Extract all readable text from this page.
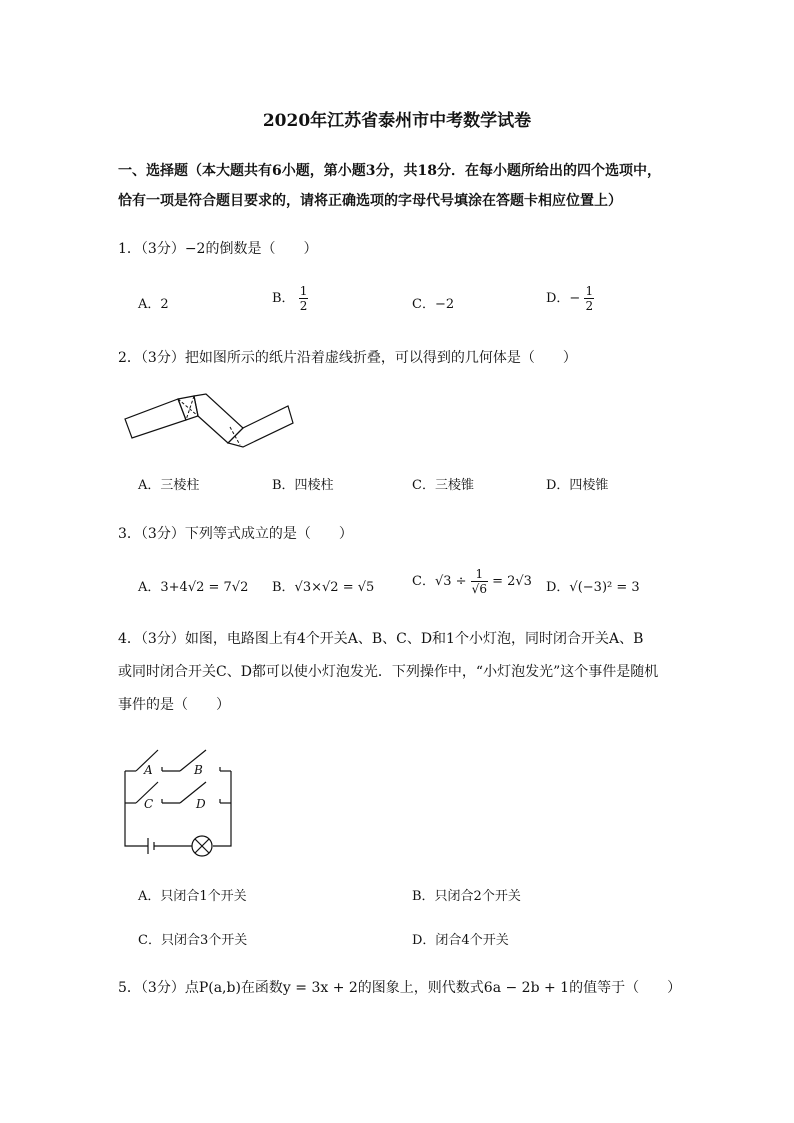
2020年江苏省泰州市中考数学试卷
一、选择题（本大题共有6小题，第小题3分，共18分．在每小题所给出的四个选项中，
恰有一项是符合题目要求的，请将正确选项的字母代号填涂在答题卡相应位置上）
1．（3分）−2的倒数是（　　）
A．2	B． $\frac{1}{2}$	C．−2	D．− $\frac{1}{2}$
2．（3分）把如图所示的纸片沿着虚线折叠，可以得到的几何体是（　　）
A．三棱柱	B．四棱柱	C．三棱锥	D．四棱锥
3．（3分）下列等式成立的是（　　）
A．3+4√2 = 7√2 B．√3×√2 = √5	C．$√3 \div \frac{1}{√6} = 2√3$ D．√(−3)² = 3
4．（3分）如图，电路图上有4个开关A、B、C、D和1个小灯泡，同时闭合开关A、B
或同时闭合开关C、D都可以使小灯泡发光．下列操作中，“小灯泡发光”这个事件是随机
事件的是（　　）
A	B
C	D
A．只闭合1个开关	B．只闭合2个开关
C．只闭合3个开关	D．闭合4个开关
5．（3分）点P(a,b)在函数y = 3x + 2的图象上，则代数式6a − 2b + 1的值等于（　　）
